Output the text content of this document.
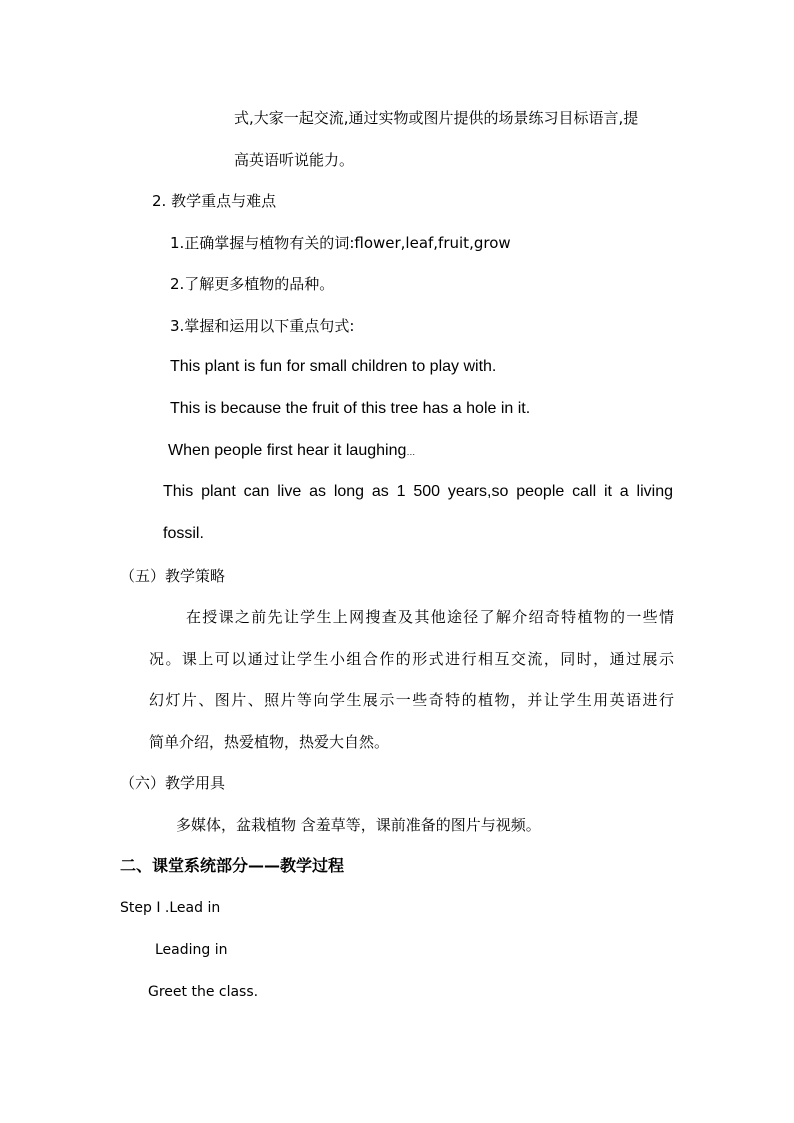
式,大家一起交流,通过实物或图片提供的场景练习目标语言,提
高英语听说能力。
2. 教学重点与难点
1.正确掌握与植物有关的词:flower,leaf,fruit,grow
2.了解更多植物的品种。
3.掌握和运用以下重点句式:
This plant is fun for small children to play with.
This is because the fruit of this tree has a hole in it.
When people first hear it laughing…
This plant can live as long as 1 500 years,so people call it a living
fossil.
（五）教学策略
在授课之前先让学生上网搜查及其他途径了解介绍奇特植物的一些情
况。课上可以通过让学生小组合作的形式进行相互交流，同时，通过展示
幻灯片、图片、照片等向学生展示一些奇特的植物，并让学生用英语进行
简单介绍，热爱植物，热爱大自然。
（六）教学用具
多媒体，盆栽植物 含羞草等，课前准备的图片与视频。
二、课堂系统部分——教学过程
Step I .Lead in
Leading in
Greet the class.
